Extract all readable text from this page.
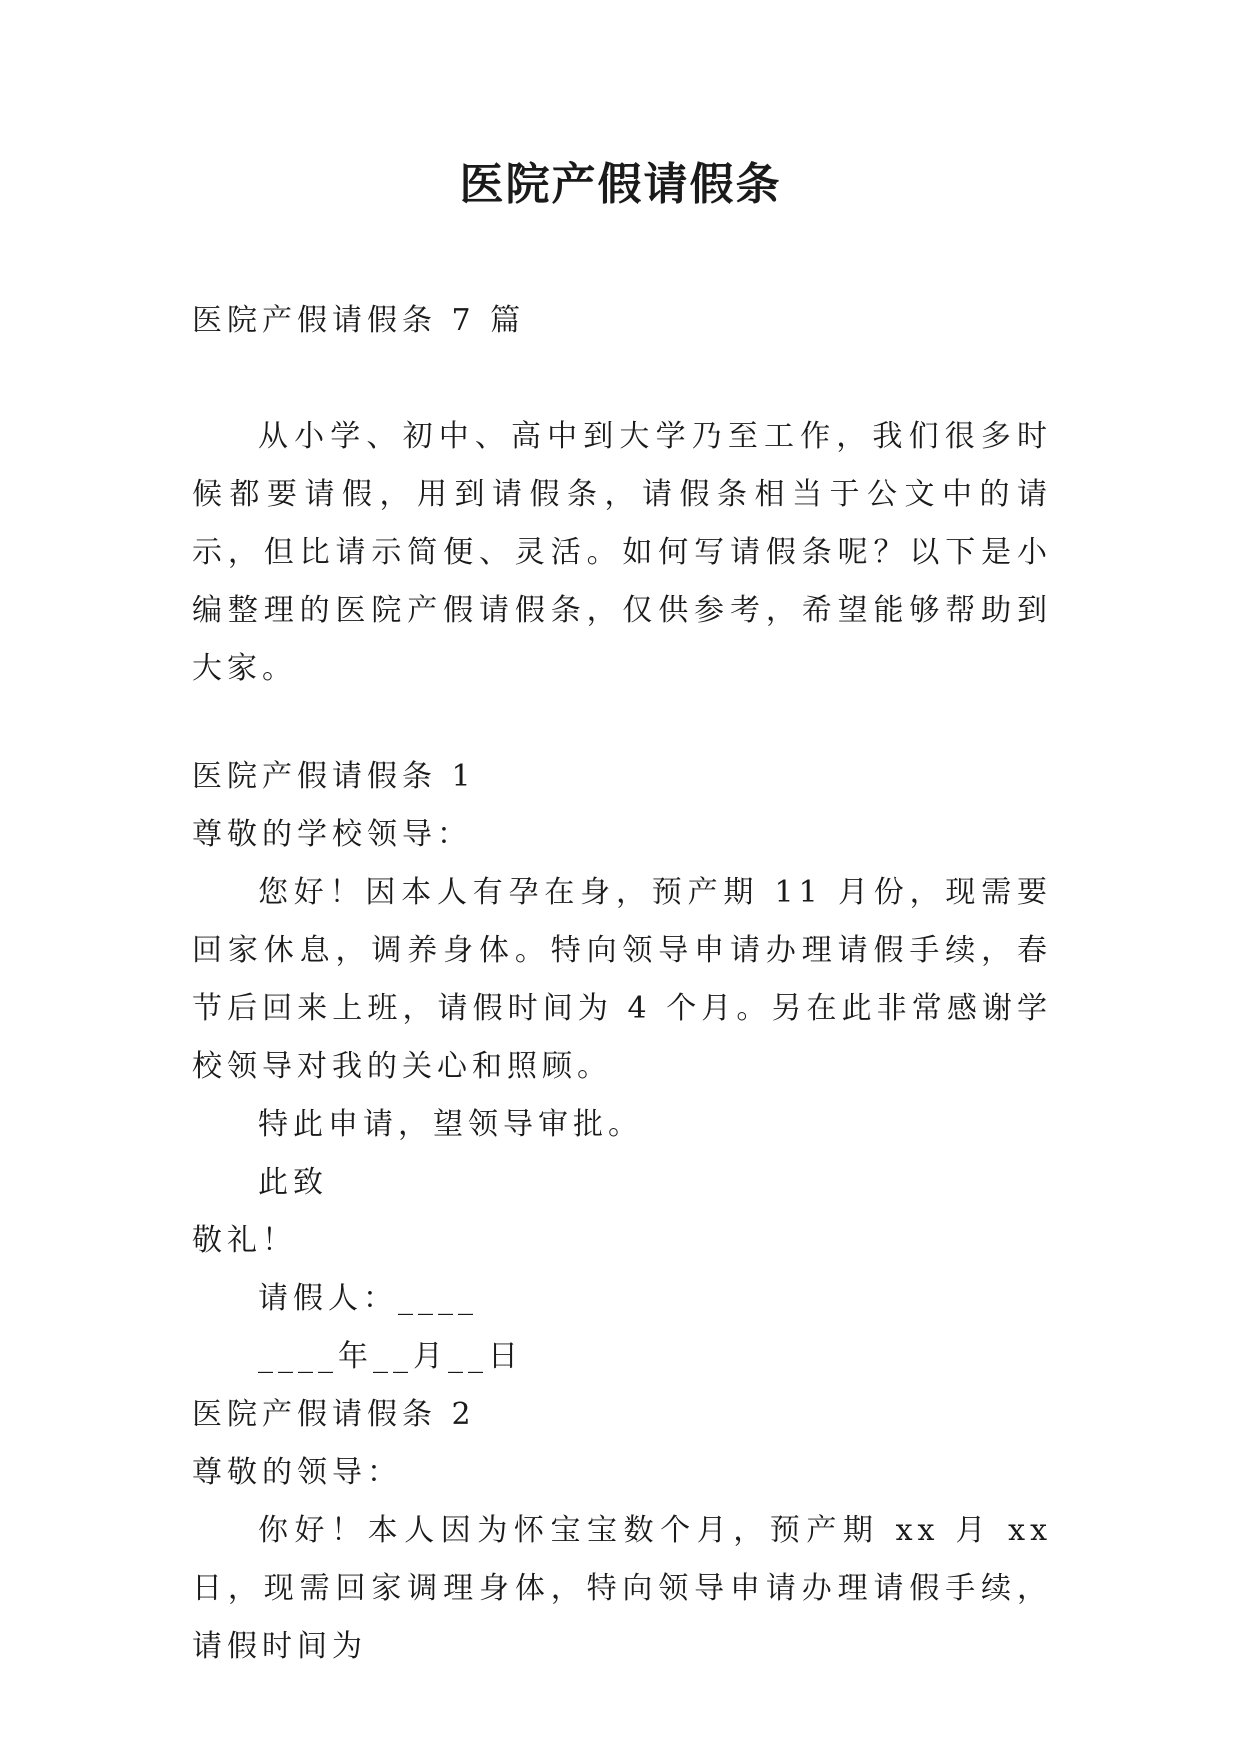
医院产假请假条

医院产假请假条 7 篇

从小学、初中、高中到大学乃至工作，我们很多时候都要请假，用到请假条，请假条相当于公文中的请示，但比请示简便、灵活。如何写请假条呢？以下是小编整理的医院产假请假条，仅供参考，希望能够帮助到大家。

医院产假请假条 1

尊敬的学校领导：

您好！因本人有孕在身，预产期 11 月份，现需要回家休息，调养身体。特向领导申请办理请假手续，春节后回来上班，请假时间为 4 个月。另在此非常感谢学校领导对我的关心和照顾。

特此申请，望领导审批。

此致

敬礼！

请假人：____

____年__月__日

医院产假请假条 2

尊敬的领导：

你好！本人因为怀宝宝数个月，预产期 xx 月 xx 日，现需回家调理身体，特向领导申请办理请假手续，请假时间为
